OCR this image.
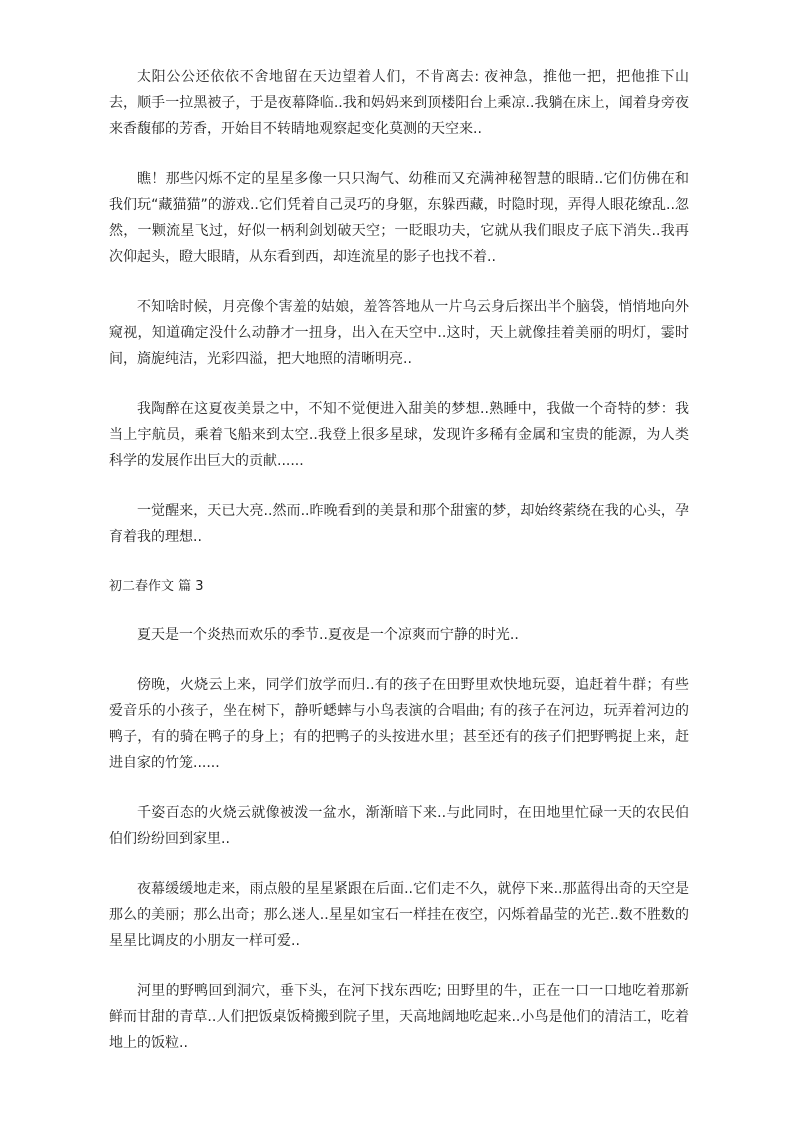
太阳公公还依依不舍地留在天边望着人们，不肯离去: 夜神急，推他一把，把他推下山去，顺手一拉黑被子，于是夜幕降临..我和妈妈来到顶楼阳台上乘凉..我躺在床上，闻着身旁夜来香馥郁的芳香，开始目不转睛地观察起变化莫测的天空来..

瞧！那些闪烁不定的星星多像一只只淘气、幼稚而又充满神秘智慧的眼睛..它们仿佛在和我们玩“藏猫猫”的游戏..它们凭着自己灵巧的身躯，东躲西藏，时隐时现，弄得人眼花缭乱..忽然，一颗流星飞过，好似一柄利剑划破天空；一眨眼功夫，它就从我们眼皮子底下消失..我再次仰起头，瞪大眼睛，从东看到西，却连流星的影子也找不着..

不知啥时候，月亮像个害羞的姑娘，羞答答地从一片乌云身后探出半个脑袋，悄悄地向外窥视，知道确定没什么动静才一扭身，出入在天空中..这时，天上就像挂着美丽的明灯，霎时间，旖旎纯洁，光彩四溢，把大地照的清晰明亮..

我陶醉在这夏夜美景之中，不知不觉便进入甜美的梦想..熟睡中，我做一个奇特的梦：我当上宇航员，乘着飞船来到太空..我登上很多星球，发现许多稀有金属和宝贵的能源，为人类科学的发展作出巨大的贡献......

一觉醒来，天已大亮..然而..昨晚看到的美景和那个甜蜜的梦，却始终萦绕在我的心头，孕育着我的理想..

初二春作文 篇 3

夏天是一个炎热而欢乐的季节..夏夜是一个凉爽而宁静的时光..

傍晚，火烧云上来，同学们放学而归..有的孩子在田野里欢快地玩耍，追赶着牛群；有些爱音乐的小孩子，坐在树下，静听蟋蟀与小鸟表演的合唱曲; 有的孩子在河边，玩弄着河边的鸭子，有的骑在鸭子的身上；有的把鸭子的头按进水里；甚至还有的孩子们把野鸭捉上来，赶进自家的竹笼......

千姿百态的火烧云就像被泼一盆水，渐渐暗下来..与此同时，在田地里忙碌一天的农民伯伯们纷纷回到家里..

夜幕缓缓地走来，雨点般的星星紧跟在后面..它们走不久，就停下来..那蓝得出奇的天空是那么的美丽；那么出奇；那么迷人..星星如宝石一样挂在夜空，闪烁着晶莹的光芒..数不胜数的星星比调皮的小朋友一样可爱..

河里的野鸭回到洞穴，垂下头，在河下找东西吃; 田野里的牛，正在一口一口地吃着那新鲜而甘甜的青草..人们把饭桌饭椅搬到院子里，天高地阔地吃起来..小鸟是他们的清洁工，吃着地上的饭粒..
